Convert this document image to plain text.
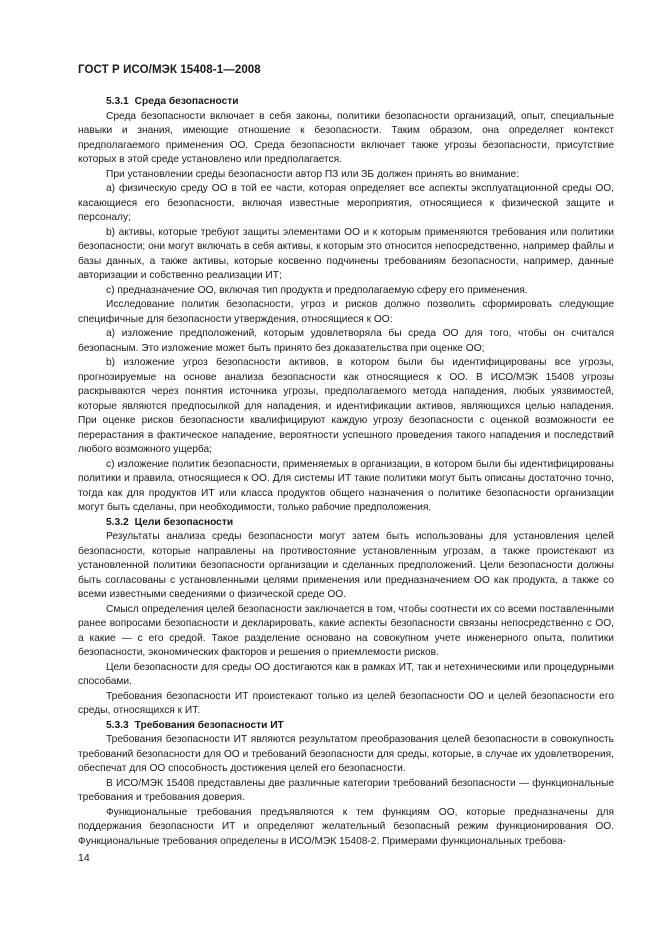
ГОСТ Р ИСО/МЭК 15408-1—2008
5.3.1 Среда безопасности

Среда безопасности включает в себя законы, политики безопасности организаций, опыт, специальные навыки и знания, имеющие отношение к безопасности. Таким образом, она определяет контекст предполагаемого применения ОО. Среда безопасности включает также угрозы безопасности, присутствие которых в этой среде установлено или предполагается.

При установлении среды безопасности автор ПЗ или ЗБ должен принять во внимание:

a) физическую среду ОО в той ее части, которая определяет все аспекты эксплуатационной среды ОО, касающиеся его безопасности, включая известные мероприятия, относящиеся к физической защите и персоналу;

b) активы, которые требуют защиты элементами ОО и к которым применяются требования или политики безопасности; они могут включать в себя активы, к которым это относится непосредственно, например файлы и базы данных, а также активы, которые косвенно подчинены требованиям безопасности, например, данные авторизации и собственно реализации ИТ;

c) предназначение ОО, включая тип продукта и предполагаемую сферу его применения.

Исследование политик безопасности, угроз и рисков должно позволить сформировать следующие специфичные для безопасности утверждения, относящиеся к ОО:

a) изложение предположений, которым удовлетворяла бы среда ОО для того, чтобы он считался безопасным. Это изложение может быть принято без доказательства при оценке ОО;

b) изложение угроз безопасности активов, в котором были бы идентифицированы все угрозы, прогнозируемые на основе анализа безопасности как относящиеся к ОО. В ИСО/МЭК 15408 угрозы раскрываются через понятия источника угрозы, предполагаемого метода нападения, любых уязвимостей, которые являются предпосылкой для нападения, и идентификации активов, являющихся целью нападения. При оценке рисков безопасности квалифицируют каждую угрозу безопасности с оценкой возможности ее перерастания в фактическое нападение, вероятности успешного проведения такого нападения и последствий любого возможного ущерба;

c) изложение политик безопасности, применяемых в организации, в котором были бы идентифицированы политики и правила, относящиеся к ОО. Для системы ИТ такие политики могут быть описаны достаточно точно, тогда как для продуктов ИТ или класса продуктов общего назначения о политике безопасности организации могут быть сделаны, при необходимости, только рабочие предположения.

5.3.2 Цели безопасности

Результаты анализа среды безопасности могут затем быть использованы для установления целей безопасности, которые направлены на противостояние установленным угрозам, а также проистекают из установленной политики безопасности организации и сделанных предположений. Цели безопасности должны быть согласованы с установленными целями применения или предназначением ОО как продукта, а также со всеми известными сведениями о физической среде ОО.

Смысл определения целей безопасности заключается в том, чтобы соотнести их со всеми поставленными ранее вопросами безопасности и декларировать, какие аспекты безопасности связаны непосредственно с ОО, а какие — с его средой. Такое разделение основано на совокупном учете инженерного опыта, политики безопасности, экономических факторов и решения о приемлемости рисков.

Цели безопасности для среды ОО достигаются как в рамках ИТ, так и нетехническими или процедурными способами.

Требования безопасности ИТ проистекают только из целей безопасности ОО и целей безопасности его среды, относящихся к ИТ.

5.3.3 Требования безопасности ИТ

Требования безопасности ИТ являются результатом преобразования целей безопасности в совокупность требований безопасности для ОО и требований безопасности для среды, которые, в случае их удовлетворения, обеспечат для ОО способность достижения целей его безопасности.

В ИСО/МЭК 15408 представлены две различные категории требований безопасности — функциональные требования и требования доверия.

Функциональные требования предъявляются к тем функциям ОО, которые предназначены для поддержания безопасности ИТ и определяют желательный безопасный режим функционирования ОО. Функциональные требования определены в ИСО/МЭК 15408-2. Примерами функциональных требова-

14
